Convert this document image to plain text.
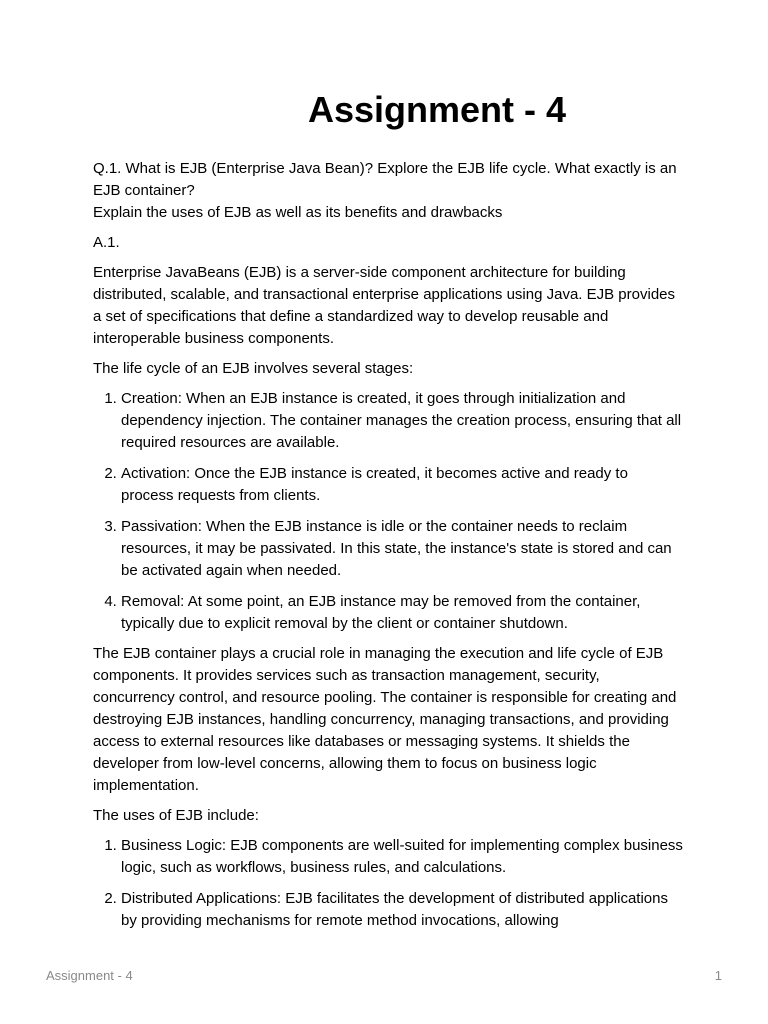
Assignment - 4

Q.1. What is EJB (Enterprise Java Bean)? Explore the EJB life cycle. What exactly is an EJB container?

Explain the uses of EJB as well as its benefits and drawbacks

A.1.

Enterprise JavaBeans (EJB) is a server-side component architecture for building distributed, scalable, and transactional enterprise applications using Java. EJB provides a set of specifications that define a standardized way to develop reusable and interoperable business components.

The life cycle of an EJB involves several stages:

1. Creation: When an EJB instance is created, it goes through initialization and dependency injection. The container manages the creation process, ensuring that all required resources are available.
2. Activation: Once the EJB instance is created, it becomes active and ready to process requests from clients.
3. Passivation: When the EJB instance is idle or the container needs to reclaim resources, it may be passivated. In this state, the instance's state is stored and can be activated again when needed.
4. Removal: At some point, an EJB instance may be removed from the container, typically due to explicit removal by the client or container shutdown.

The EJB container plays a crucial role in managing the execution and life cycle of EJB components. It provides services such as transaction management, security, concurrency control, and resource pooling. The container is responsible for creating and destroying EJB instances, handling concurrency, managing transactions, and providing access to external resources like databases or messaging systems. It shields the developer from low-level concerns, allowing them to focus on business logic implementation.

The uses of EJB include:

1. Business Logic: EJB components are well-suited for implementing complex business logic, such as workflows, business rules, and calculations.
2. Distributed Applications: EJB facilitates the development of distributed applications by providing mechanisms for remote method invocations, allowing
Assignment - 4	1
